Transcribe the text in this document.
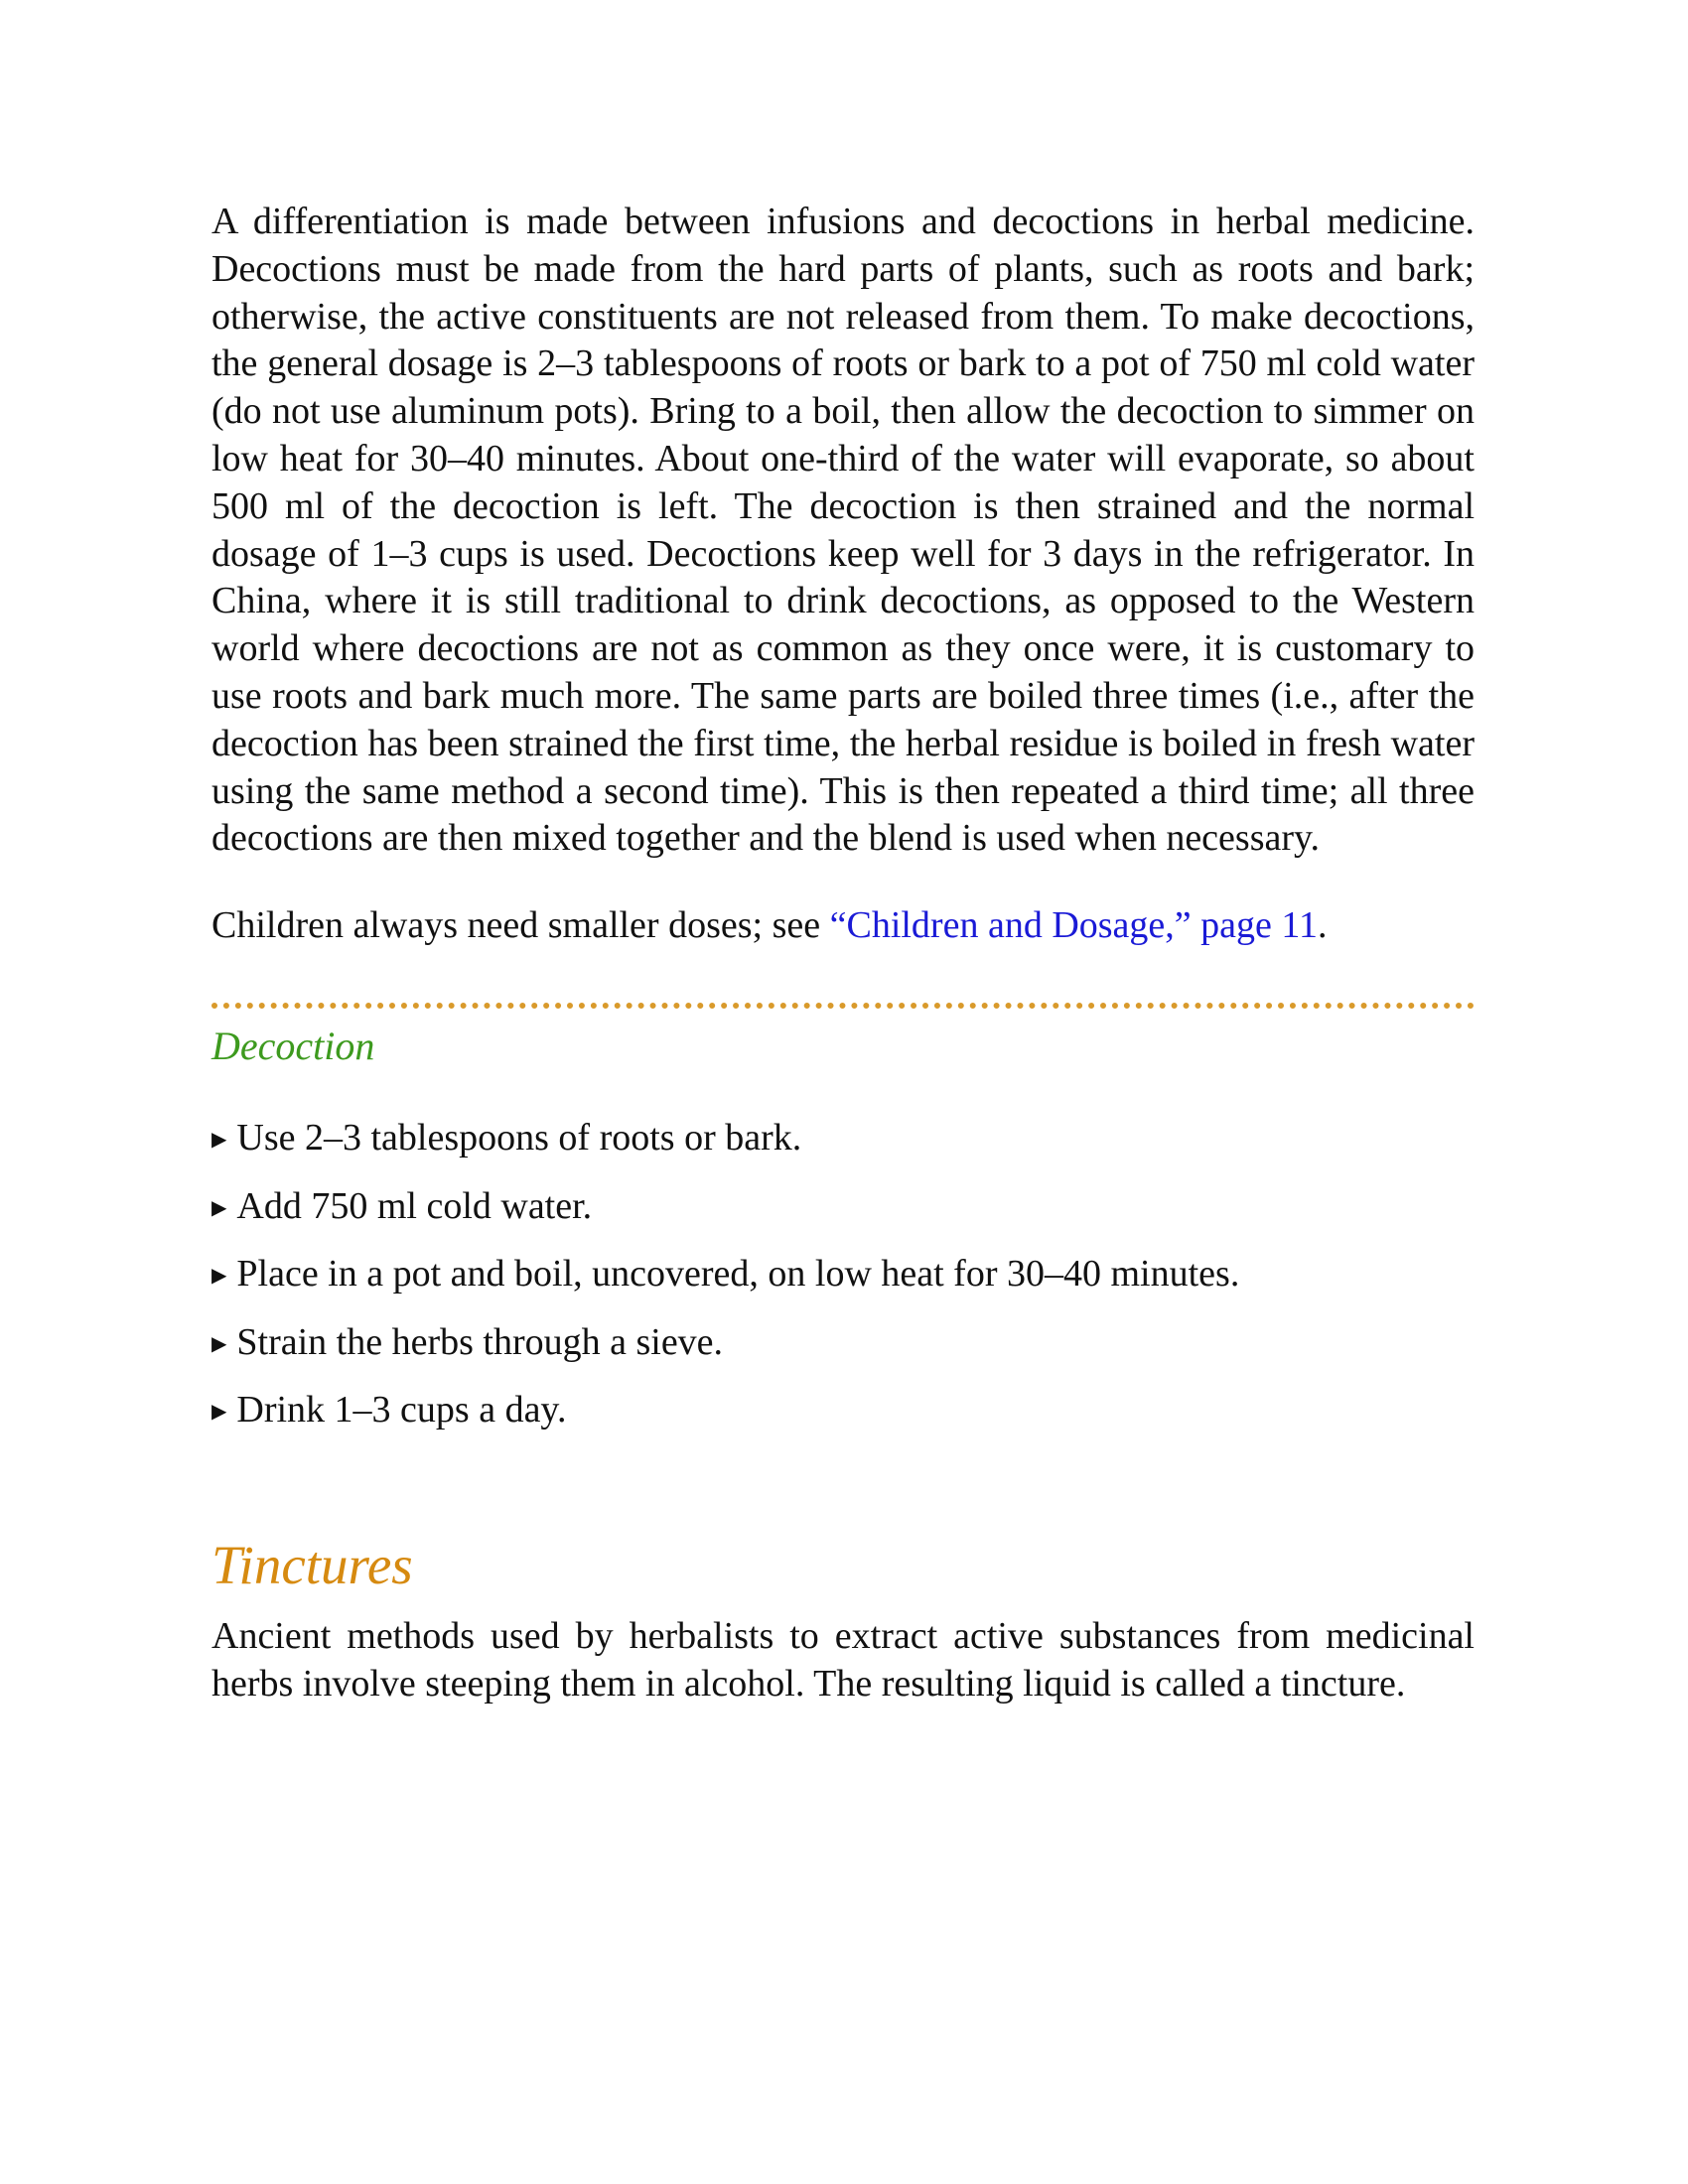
A differentiation is made between infusions and decoctions in herbal medicine. Decoctions must be made from the hard parts of plants, such as roots and bark; otherwise, the active constituents are not released from them. To make decoctions, the general dosage is 2–3 tablespoons of roots or bark to a pot of 750 ml cold water (do not use aluminum pots). Bring to a boil, then allow the decoction to simmer on low heat for 30–40 minutes. About one-third of the water will evaporate, so about 500 ml of the decoction is left. The decoction is then strained and the normal dosage of 1–3 cups is used. Decoctions keep well for 3 days in the refrigerator. In China, where it is still traditional to drink decoctions, as opposed to the Western world where decoctions are not as common as they once were, it is customary to use roots and bark much more. The same parts are boiled three times (i.e., after the decoction has been strained the first time, the herbal residue is boiled in fresh water using the same method a second time). This is then repeated a third time; all three decoctions are then mixed together and the blend is used when necessary.

Children always need smaller doses; see “Children and Dosage,” page 11.

Decoction
▶ Use 2–3 tablespoons of roots or bark.
▶ Add 750 ml cold water.
▶ Place in a pot and boil, uncovered, on low heat for 30–40 minutes.
▶ Strain the herbs through a sieve.
▶ Drink 1–3 cups a day.
Tinctures

Ancient methods used by herbalists to extract active substances from medicinal herbs involve steeping them in alcohol. The resulting liquid is called a tincture.
